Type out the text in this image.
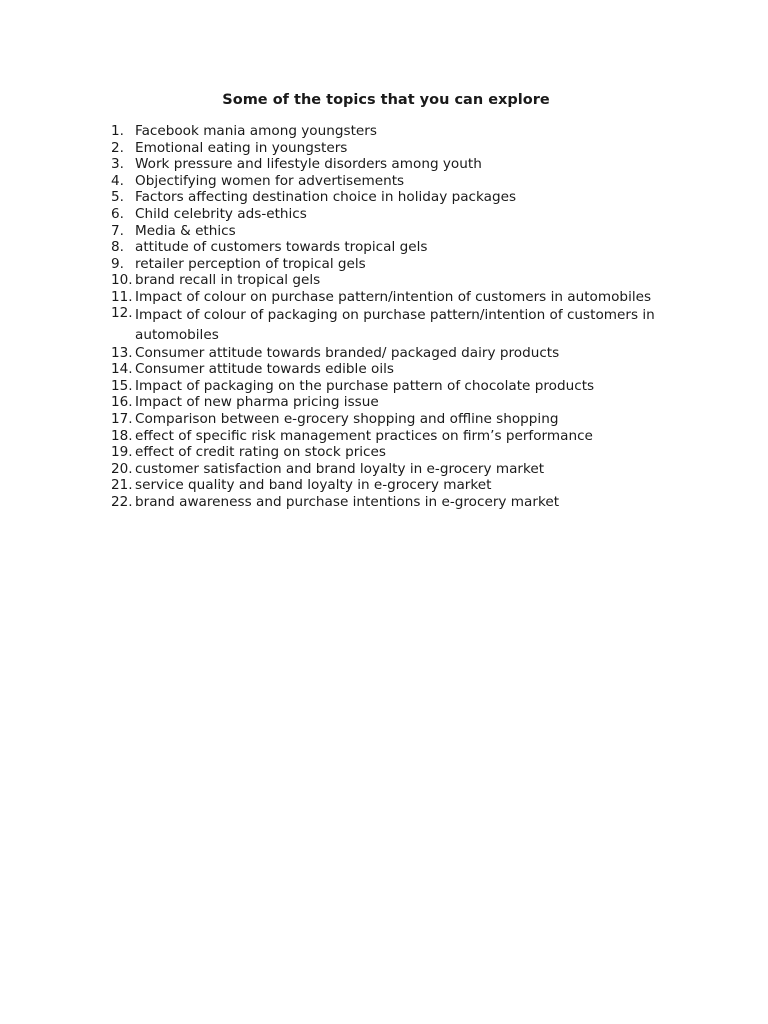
Some of the topics that you can explore
1. Facebook mania among youngsters
2. Emotional eating in youngsters
3. Work pressure and lifestyle disorders among youth
4. Objectifying women for advertisements
5. Factors affecting destination choice in holiday packages
6. Child celebrity ads-ethics
7. Media & ethics
8. attitude of customers towards tropical gels
9. retailer perception of tropical gels
10. brand recall in tropical gels
11. Impact of colour on purchase pattern/intention of customers in automobiles
12. Impact of colour of packaging on purchase pattern/intention of customers in automobiles
13. Consumer attitude towards branded/ packaged dairy products
14. Consumer attitude towards edible oils
15. Impact of packaging on the purchase pattern of chocolate products
16. Impact of new pharma pricing issue
17. Comparison between e-grocery shopping and offline shopping
18. effect of specific risk management practices on firm’s performance
19. effect of credit rating on stock prices
20. customer satisfaction and brand loyalty in e-grocery market
21. service quality and band loyalty in e-grocery market
22. brand awareness and purchase intentions in e-grocery market
